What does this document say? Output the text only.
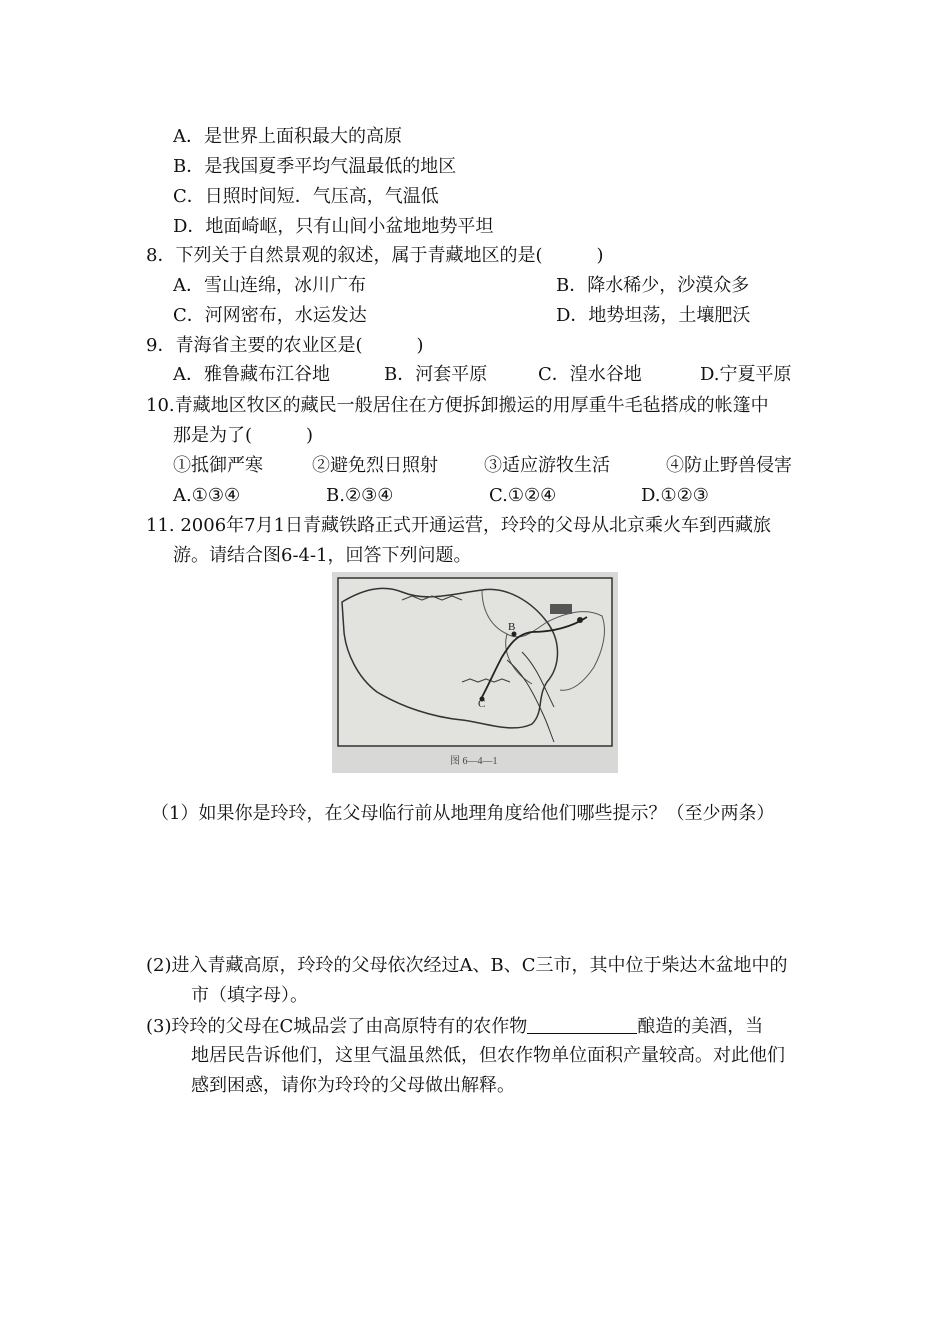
A．是世界上面积最大的高原
B．是我国夏季平均气温最低的地区
C．日照时间短．气压高，气温低
D．地面崎岖，只有山间小盆地地势平坦
8．下列关于自然景观的叙述，属于青藏地区的是(　　　)
A．雪山连绵，冰川广布	B．降水稀少，沙漠众多
C．河网密布，水运发达	D．地势坦荡，土壤肥沃
9．青海省主要的农业区是(　　　)
A．雅鲁藏布江谷地	B．河套平原	C．湟水谷地	D.宁夏平原
10.青藏地区牧区的藏民一般居住在方便拆卸搬运的用厚重牛毛毡搭成的帐篷中
那是为了(　　　)
①抵御严寒	②避免烈日照射	③适应游牧生活	④防止野兽侵害
A.①③④	B.②③④	C.①②④	D.①②③
11. 2006年7月1日青藏铁路正式开通运营，玲玲的父母从北京乘火车到西藏旅
游。请结合图6-4-1，回答下列问题。
B
C
图 6—4—1
（1）如果你是玲玲，在父母临行前从地理角度给他们哪些提示？（至少两条）
(2)进入青藏高原，玲玲的父母依次经过A、B、C三市，其中位于柴达木盆地中的
市（填字母）。
(3)玲玲的父母在C城品尝了由高原特有的农作物	酿造的美酒，当
地居民告诉他们，这里气温虽然低，但农作物单位面积产量较高。对此他们
感到困惑，请你为玲玲的父母做出解释。
